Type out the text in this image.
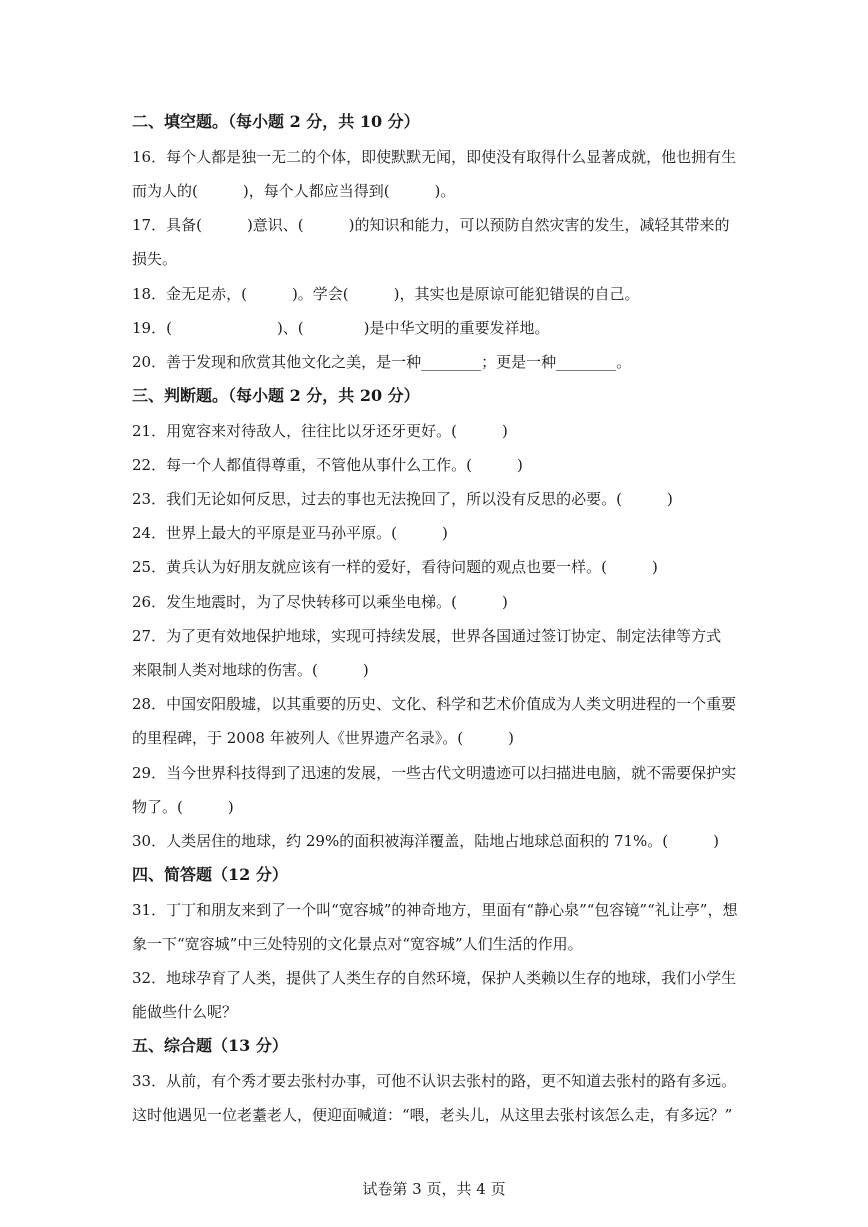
二、填空题。（每小题 2 分，共 10 分）
16．每个人都是独一无二的个体，即使默默无闻，即使没有取得什么显著成就，他也拥有生
而为人的(　　　)，每个人都应当得到(　　　)。
17．具备(　　　)意识、(　　　)的知识和能力，可以预防自然灾害的发生，减轻其带来的
损失。
18．金无足赤，(　　　)。学会(　　　)，其实也是原谅可能犯错误的自己。
19．(　　　　　　　)、(　　　　)是中华文明的重要发祥地。
20．善于发现和欣赏其他文化之美，是一种________；更是一种________。
三、判断题。（每小题 2 分，共 20 分）
21．用宽容来对待敌人，往往比以牙还牙更好。(　　　)
22．每一个人都值得尊重，不管他从事什么工作。(　　　)
23．我们无论如何反思，过去的事也无法挽回了，所以没有反思的必要。(　　　)
24．世界上最大的平原是亚马孙平原。(　　　)
25．黄兵认为好朋友就应该有一样的爱好，看待问题的观点也要一样。(　　　)
26．发生地震时，为了尽快转移可以乘坐电梯。(　　　)
27．为了更有效地保护地球，实现可持续发展，世界各国通过签订协定、制定法律等方式
来限制人类对地球的伤害。(　　　)
28．中国安阳殷墟，以其重要的历史、文化、科学和艺术价值成为人类文明进程的一个重要
的里程碑，于 2008 年被列人《世界遗产名录》。(　　　)
29．当今世界科技得到了迅速的发展，一些古代文明遗迹可以扫描进电脑，就不需要保护实
物了。(　　　)
30．人类居住的地球，约 29%的面积被海洋覆盖，陆地占地球总面积的 71%。(　　　)
四、简答题（12 分）
31．丁丁和朋友来到了一个叫“宽容城”的神奇地方，里面有“静心泉”“包容镜”“礼让亭”，想
象一下“宽容城”中三处特别的文化景点对“宽容城”人们生活的作用。
32．地球孕育了人类，提供了人类生存的自然环境，保护人类赖以生存的地球，我们小学生
能做些什么呢？
五、综合题（13 分）
33．从前，有个秀才要去张村办事，可他不认识去张村的路，更不知道去张村的路有多远。
这时他遇见一位老耋老人，便迎面喊道：“喂，老头儿，从这里去张村该怎么走，有多远？”
试卷第 3 页，共 4 页
